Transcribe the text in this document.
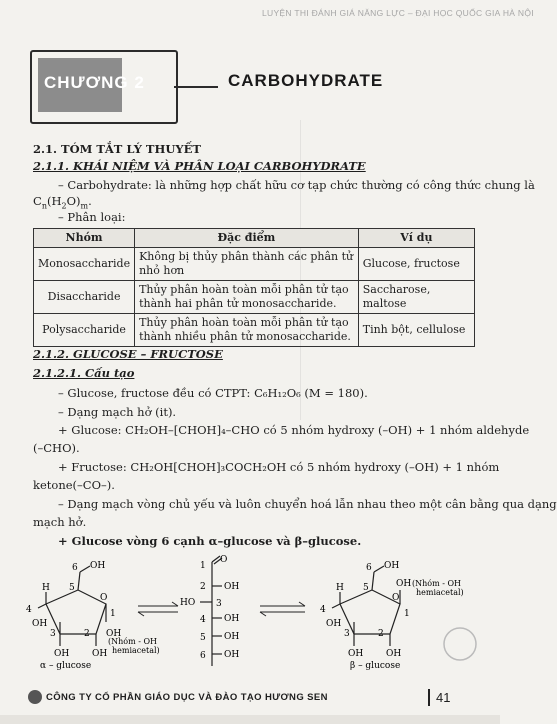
LUYỆN THI ĐÁNH GIÁ NĂNG LỰC – ĐẠI HỌC QUỐC GIA HÀ NỘI
CHƯƠNG 2	CARBOHYDRATE
2.1. TÓM TẮT LÝ THUYẾT
2.1.1. KHÁI NIỆM VÀ PHÂN LOẠI CARBOHYDRATE
– Carbohydrate: là những hợp chất hữu cơ tạp chức thường có công thức chung là
$C_n(H_2O)_m$.
– Phân loại:
Nhóm	Đặc điểm	Ví dụ
Monosaccharide	Không bị thủy phân thành các phân tử nhỏ hơn	Glucose, fructose
Disaccharide	Thủy phân hoàn toàn mỗi phân tử tạo thành hai phân tử monosaccharide.	Saccharose, maltose
Polysaccharide	Thủy phân hoàn toàn mỗi phân tử tạo thành nhiều phân tử monosaccharide.	Tinh bột, cellulose
2.1.2. GLUCOSE – FRUCTOSE
2.1.2.1. Cấu tạo
– Glucose, fructose đều có CTPT: C₆H₁₂O₆ (M = 180).
– Dạng mạch hở (it).
+ Glucose: CH₂OH–[CHOH]₄–CHO có 5 nhóm hydroxy (–OH) + 1 nhóm aldehyde
(–CHO).
+ Fructose: CH₂OH[CHOH]₃COCH₂OH có 5 nhóm hydroxy (–OH) + 1 nhóm
ketone(–CO–).
– Dạng mạch vòng chủ yếu và luôn chuyển hoá lẫn nhau theo một cân bằng qua dạng
mạch hở.
+ Glucose vòng 6 cạnh α–glucose và β–glucose.
6 OH
5
O
4
H
OH
3
OH
2
OH
1
OH
(Nhóm - OH
hemiacetal)
α – glucose
1
O
2 OH
HO 3
4 OH
5 OH
6 OH
6 OH
5
O
OH
4
H
OH
3
OH
2
OH
1
(Nhóm - OH
hemiacetal)
β – glucose
CÔNG TY CỔ PHẦN GIÁO DỤC VÀ ĐÀO TẠO HƯƠNG SEN	41
